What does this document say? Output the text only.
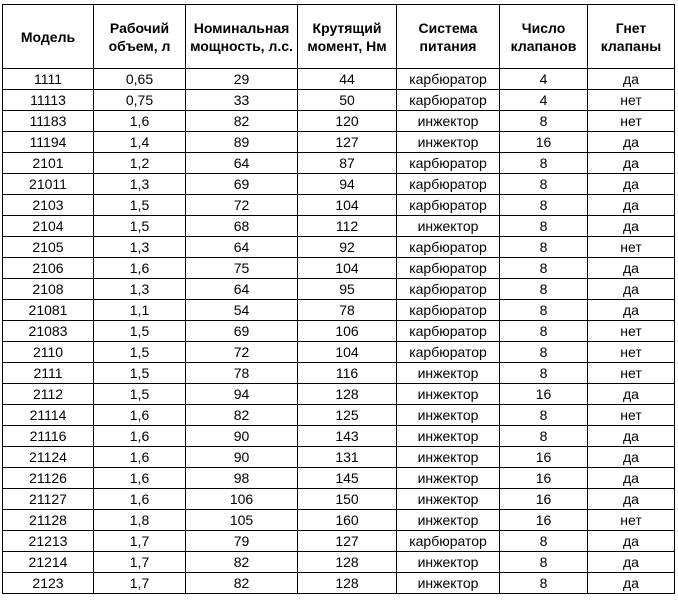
Модель	Рабочий объем, л	Номинальная мощность, л.с.	Крутящий момент, Нм	Система питания	Число клапанов	Гнет клапаны
1111	0,65	29	44	карбюратор	4	да
11113	0,75	33	50	карбюратор	4	нет
11183	1,6	82	120	инжектор	8	нет
11194	1,4	89	127	инжектор	16	да
2101	1,2	64	87	карбюратор	8	да
21011	1,3	69	94	карбюратор	8	да
2103	1,5	72	104	карбюратор	8	да
2104	1,5	68	112	инжектор	8	да
2105	1,3	64	92	карбюратор	8	нет
2106	1,6	75	104	карбюратор	8	да
2108	1,3	64	95	карбюратор	8	да
21081	1,1	54	78	карбюратор	8	да
21083	1,5	69	106	карбюратор	8	нет
2110	1,5	72	104	карбюратор	8	нет
2111	1,5	78	116	инжектор	8	нет
2112	1,5	94	128	инжектор	16	да
21114	1,6	82	125	инжектор	8	нет
21116	1,6	90	143	инжектор	8	да
21124	1,6	90	131	инжектор	16	да
21126	1,6	98	145	инжектор	16	да
21127	1,6	106	150	инжектор	16	да
21128	1,8	105	160	инжектор	16	нет
21213	1,7	79	127	карбюратор	8	да
21214	1,7	82	128	инжектор	8	да
2123	1,7	82	128	инжектор	8	да
